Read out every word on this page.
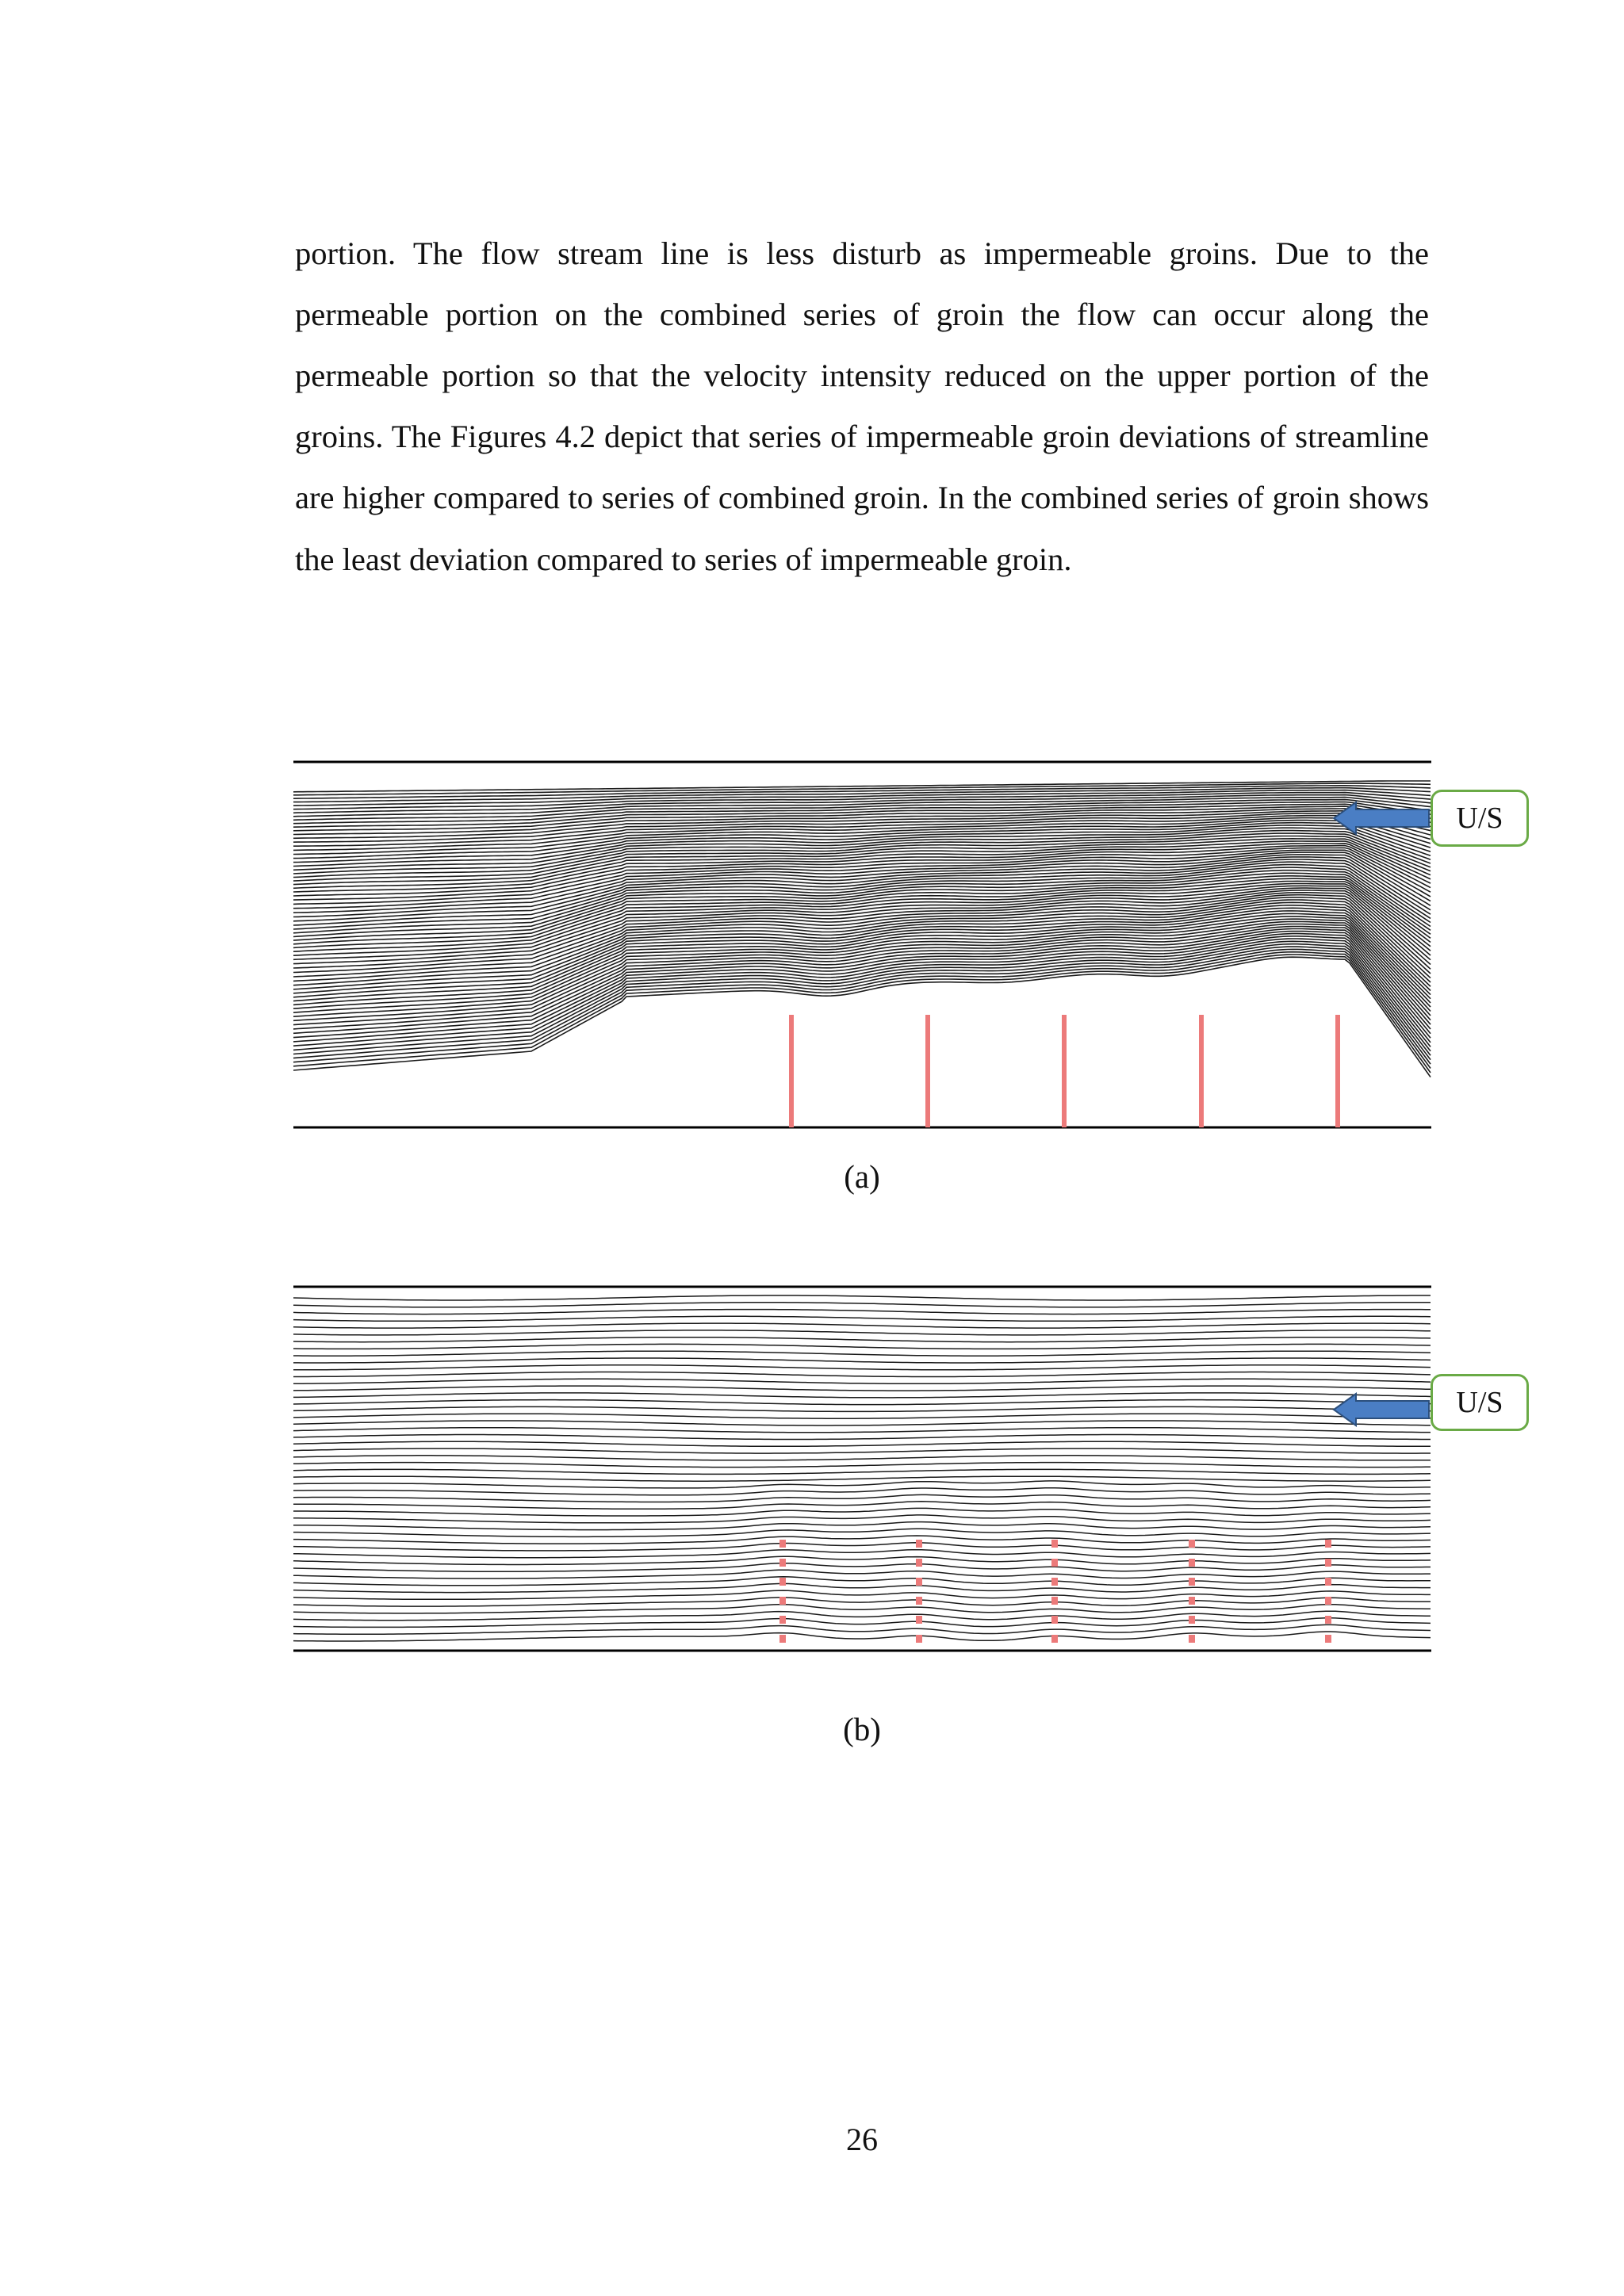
portion. The flow stream line is less disturb as impermeable groins. Due to the permeable portion on the combined series of groin the flow can occur along the permeable portion so that the velocity intensity reduced on the upper portion of the groins. The Figures 4.2 depict that series of impermeable groin deviations of streamline are higher compared to series of combined groin. In the combined series of groin shows the least deviation compared to series of impermeable groin.

U/S
(a)
U/S
(b)
26
